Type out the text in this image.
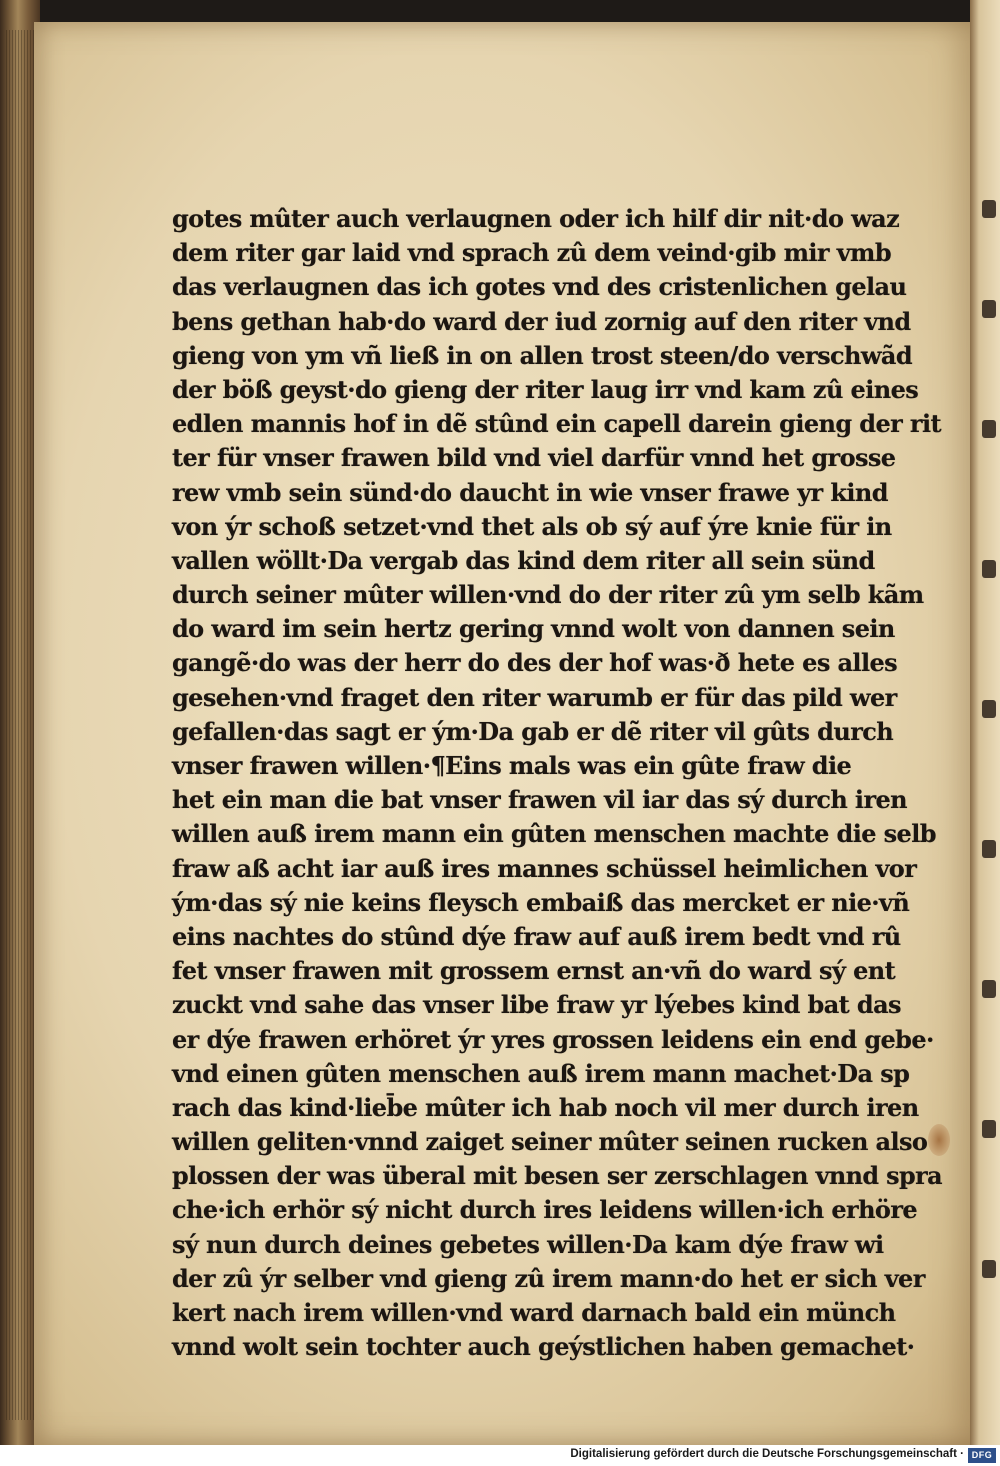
gotes mûter auch verlaugnen oder ich hilf dir nit·do waz
dem riter gar laid vnd sprach zû dem veind·gib mir vmb
das verlaugnen das ich gotes vnd des cristenlichen gelau
bens gethan hab·do ward der iud zornig auf den riter vnd
gieng von ym vñ ließ in on allen trost steen/do verschwãd
der böß geyst·do gieng der riter laug irr vnd kam zû eines
edlen mannis hof in dẽ stûnd ein capell darein gieng der rit
ter für vnser frawen bild vnd viel darfür vnnd het grosse
rew vmb sein sünd·do daucht in wie vnser frawe yr kind
von ýr schoß setzet·vnd thet als ob sý auf ýre knie für in
vallen wöllt·Da vergab das kind dem riter all sein sünd
durch seiner mûter willen·vnd do der riter zû ym selb kãm
do ward im sein hertz gering vnnd wolt von dannen sein
gangẽ·do was der herr do des der hof was·ð hete es alles
gesehen·vnd fraget den riter warumb er für das pild wer
gefallen·das sagt er ým·Da gab er dẽ riter vil gûts durch
vnser frawen willen·¶Eins mals was ein gûte fraw die
het ein man die bat vnser frawen vil iar das sý durch iren
willen auß irem mann ein gûten menschen machte die selb
fraw aß acht iar auß ires mannes schüssel heimlichen vor
ým·das sý nie keins fleysch embaiß das mercket er nie·vñ
eins nachtes do stûnd dýe fraw auf auß irem bedt vnd rû
fet vnser frawen mit grossem ernst an·vñ do ward sý ent
zuckt vnd sahe das vnser libe fraw yr lýebes kind bat das
er dýe frawen erhöret ýr yres grossen leidens ein end gebe·
vnd einen gûten menschen auß irem mann machet·Da sp
rach das kind·lieb̄e mûter ich hab noch vil mer durch iren
willen geliten·vnnd zaiget seiner mûter seinen rucken also
plossen der was überal mit besen ser zerschlagen vnnd spra
che·ich erhör sý nicht durch ires leidens willen·ich erhöre
sý nun durch deines gebetes willen·Da kam dýe fraw wi
der zû ýr selber vnd gieng zû irem mann·do het er sich ver
kert nach irem willen·vnd ward darnach bald ein münch
vnnd wolt sein tochter auch geýstlichen haben gemachet·
Digitalisierung gefördert durch die Deutsche Forschungsgemeinschaft · DFG
